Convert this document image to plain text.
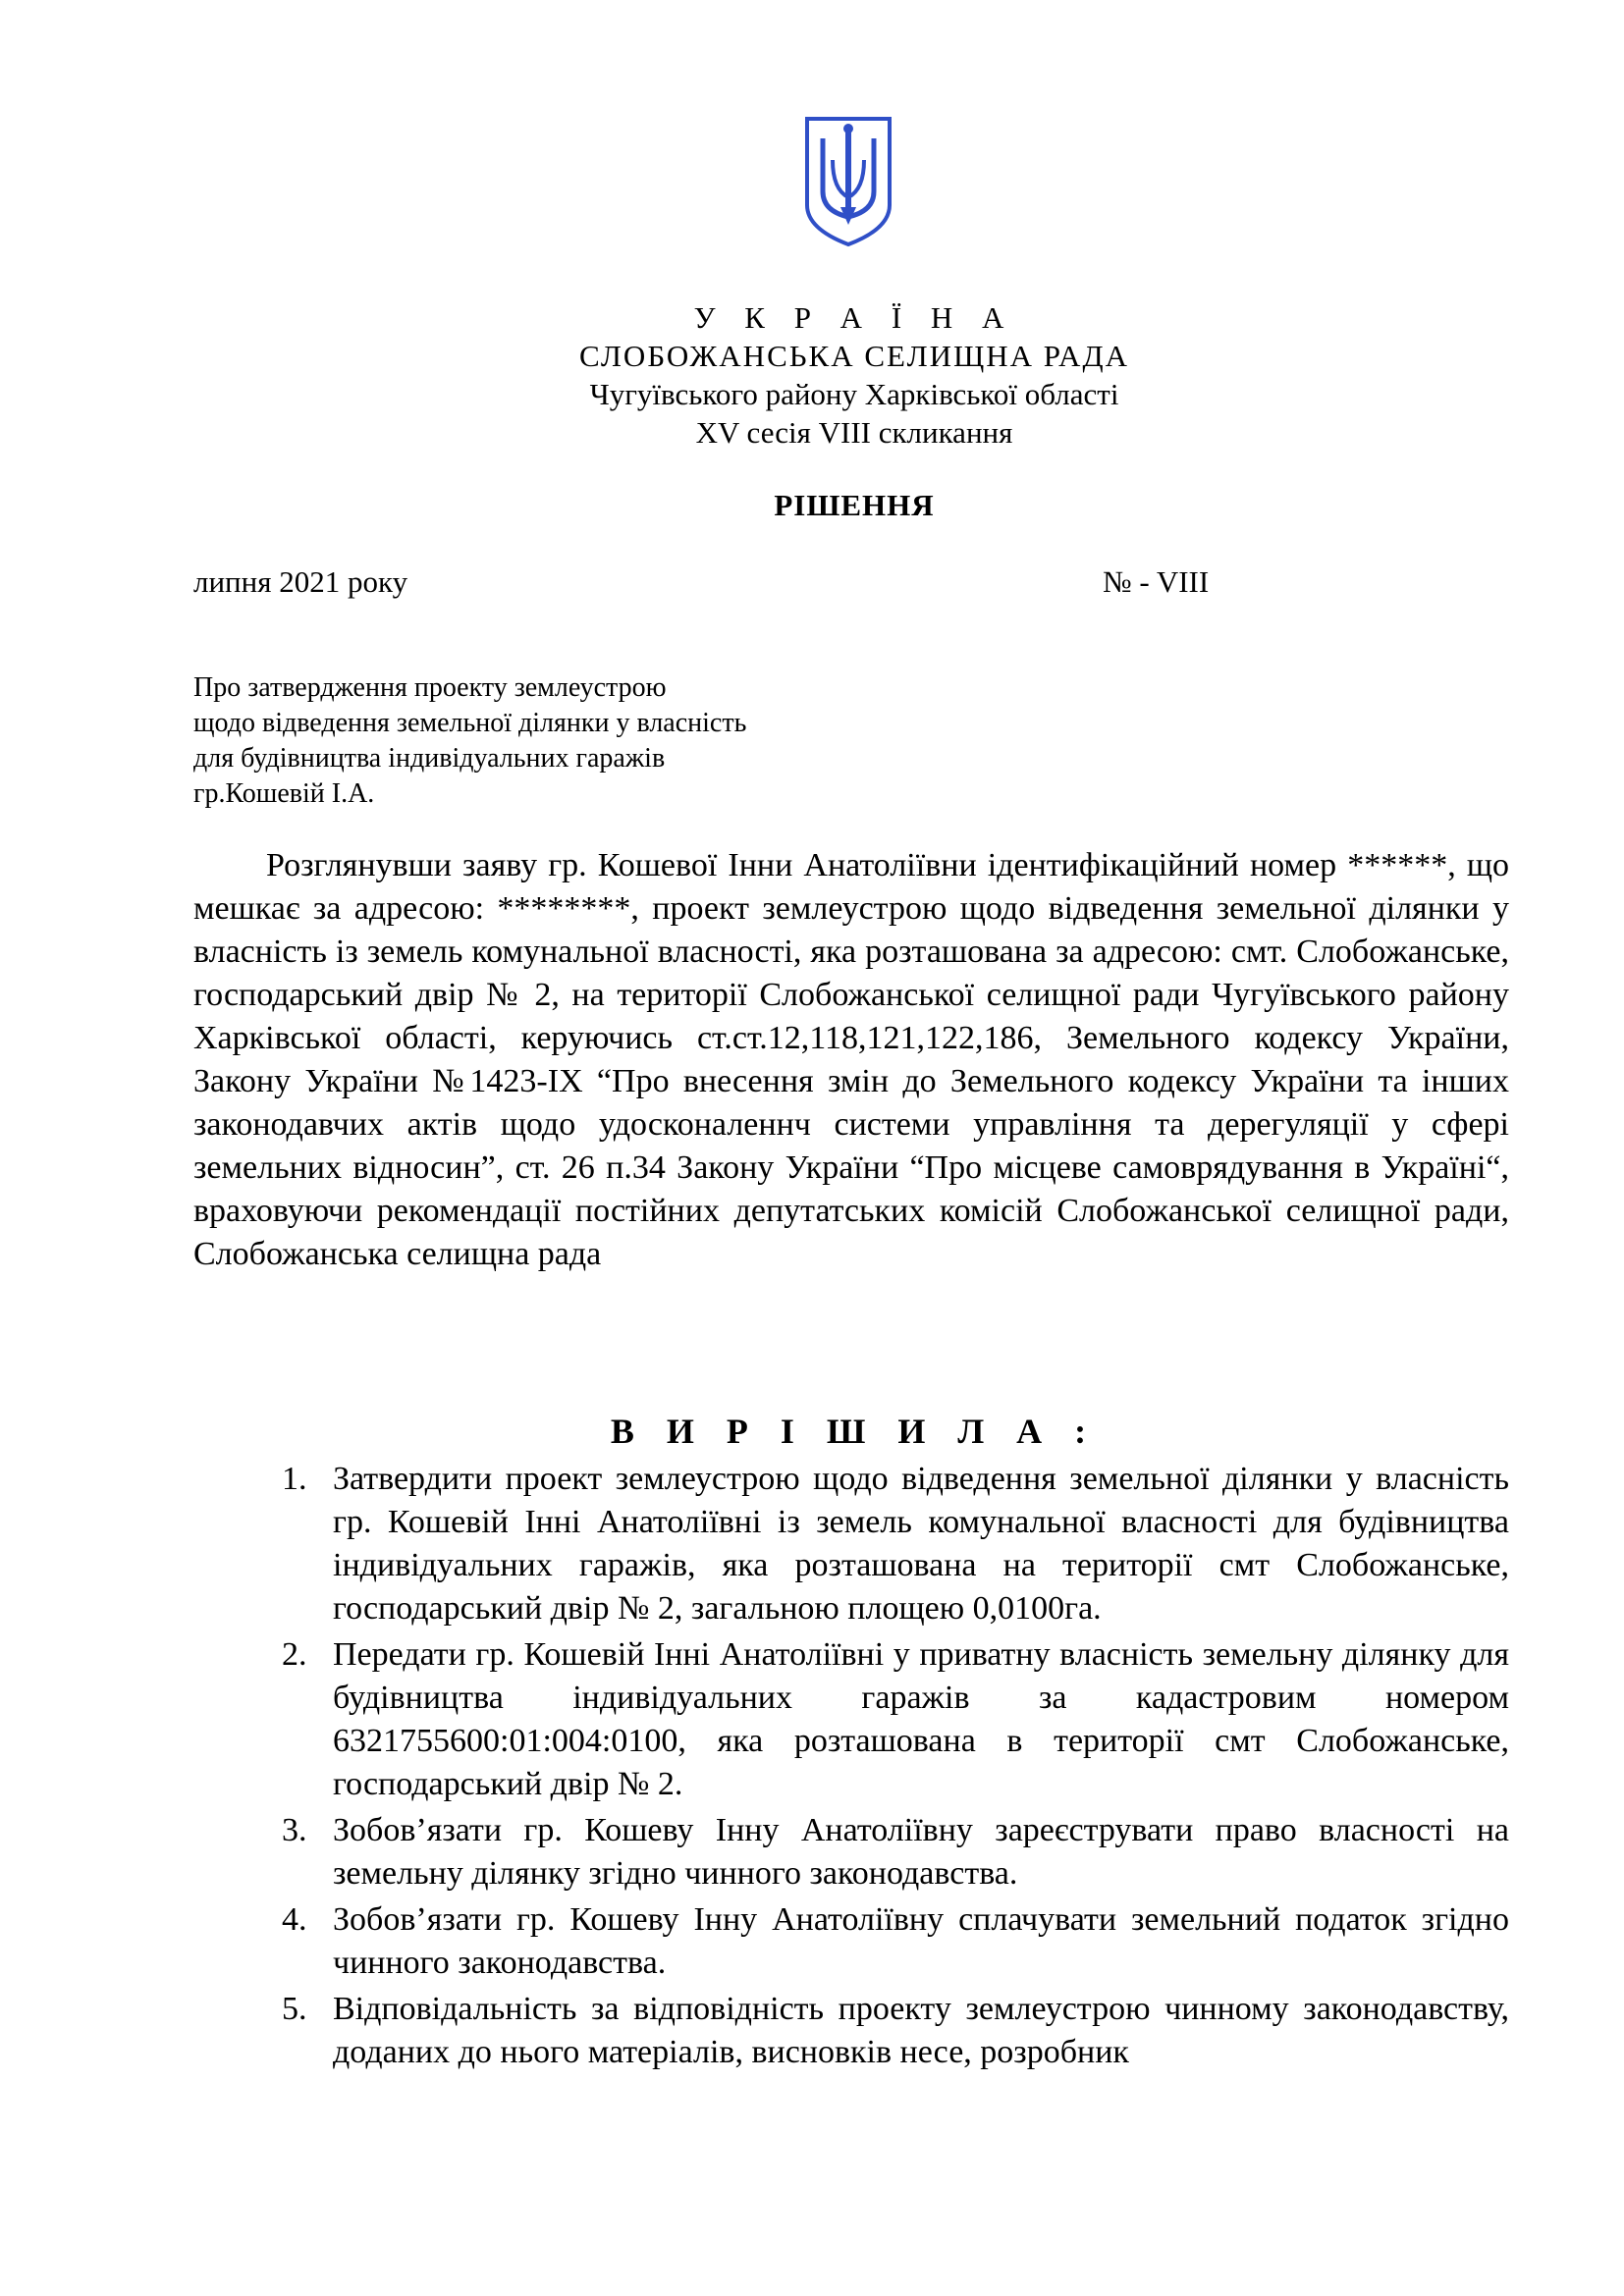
У К Р А Ї Н А
СЛОБОЖАНСЬКА СЕЛИЩНА РАДА
Чугуївського району Харківської області
XV сесія VIII скликання
РІШЕННЯ
липня 2021 року	№ - VIII
Про затвердження проекту землеустрою
щодо відведення земельної ділянки у власність
для будівництва індивідуальних гаражів
гр.Кошевій І.А.

Розглянувши заяву гр. Кошевої Інни Анатоліївни ідентифікаційний номер ******, що мешкає за адресою: ********, проект землеустрою щодо відведення земельної ділянки у власність із земель комунальної власності, яка розташована за адресою: смт. Слобожанське, господарський двір № 2, на території Слобожанської селищної ради Чугуївського району Харківської області, керуючись ст.ст.12,118,121,122,186, Земельного кодексу України, Закону України №1423-IX “Про внесення змін до Земельного кодексу України та інших законодавчих актів щодо удосконаленнч системи управління та дерегуляції у сфері земельних відносин”, ст. 26 п.34 Закону України “Про місцеве самоврядування в Україні“, враховуючи рекомендації постійних депутатських комісій Слобожанської селищної ради, Слобожанська селищна рада

В И Р І Ш И Л А :
1. Затвердити проект землеустрою щодо відведення земельної ділянки у власність гр. Кошевій Інні Анатоліївні із земель комунальної власності для будівництва індивідуальних гаражів, яка розташована на території смт Слобожанське, господарський двір № 2, загальною площею 0,0100га.
2. Передати гр. Кошевій Інні Анатоліївні у приватну власність земельну ділянку для будівництва індивідуальних гаражів за кадастровим номером 6321755600:01:004:0100, яка розташована в території смт Слобожанське, господарський двір № 2.
3. Зобов’язати гр. Кошеву Інну Анатоліївну зареєструвати право власності на земельну ділянку згідно чинного законодавства.
4. Зобов’язати гр. Кошеву Інну Анатоліївну сплачувати земельний податок згідно чинного законодавства.
5. Відповідальність за відповідність проекту землеустрою чинному законодавству, доданих до нього матеріалів, висновків несе, розробник
